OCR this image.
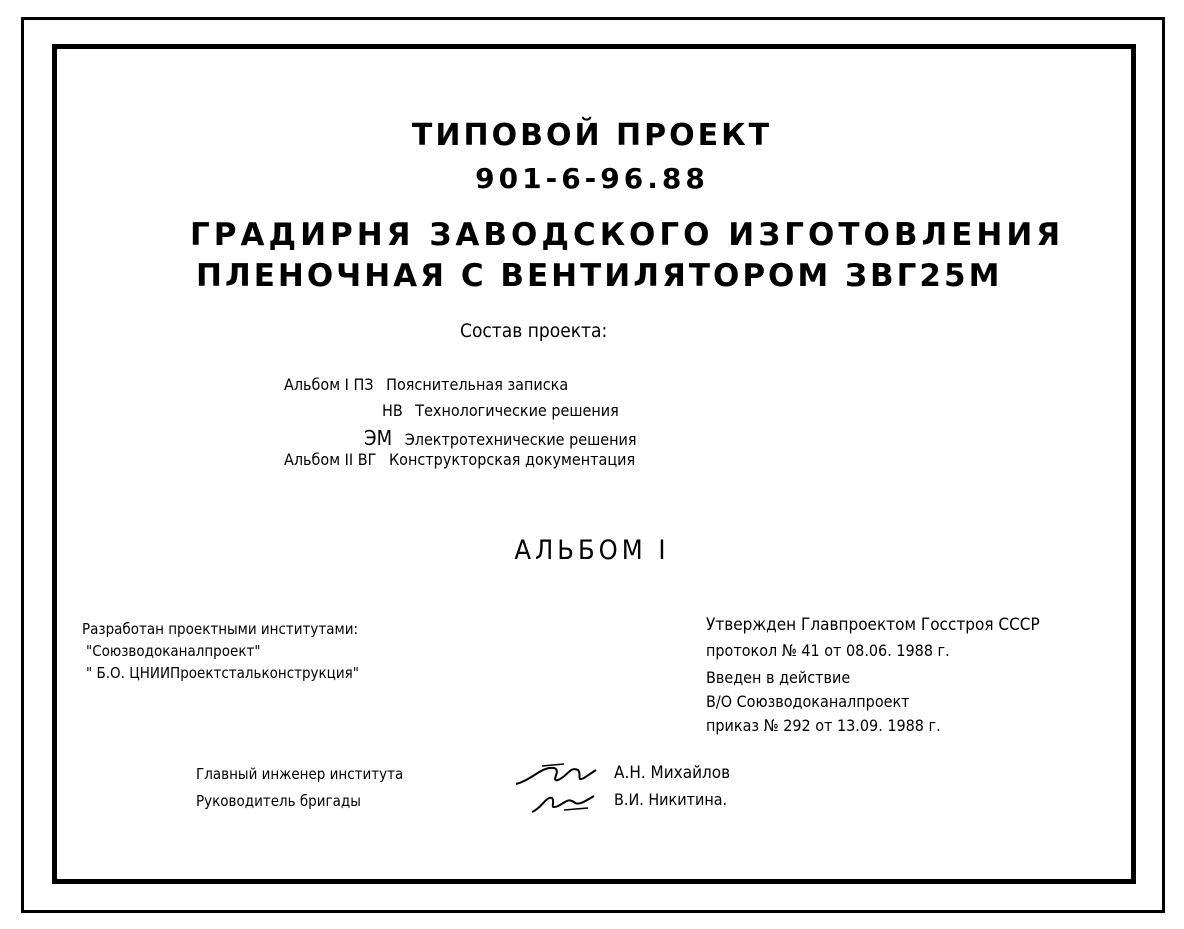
ТИПОВОЙ ПРОЕКТ
901-6-96.88
ГРАДИРНЯ ЗАВОДСКОГО ИЗГОТОВЛЕНИЯ
ПЛЕНОЧНАЯ С ВЕНТИЛЯТОРОМ ЗВГ25М
Состав проекта:
Альбом I ПЗ Пояснительная записка
НВ Технологические решения
ЭМ Электротехнические решения
Альбом II ВГ Конструкторская документация
АЛЬБОМ I
Разработан проектными институтами:
"Союзводоканалпроект"
" Б.О. ЦНИИПроектстальконструкция"
Утвержден Главпроектом Госстроя СССР
протокол № 41 от 08.06. 1988 г.
Введен в действие
В/О Союзводоканалпроект
приказ № 292 от 13.09. 1988 г.
Главный инженер института	А.Н. Михайлов
Руководитель бригады	В.И. Никитина.
